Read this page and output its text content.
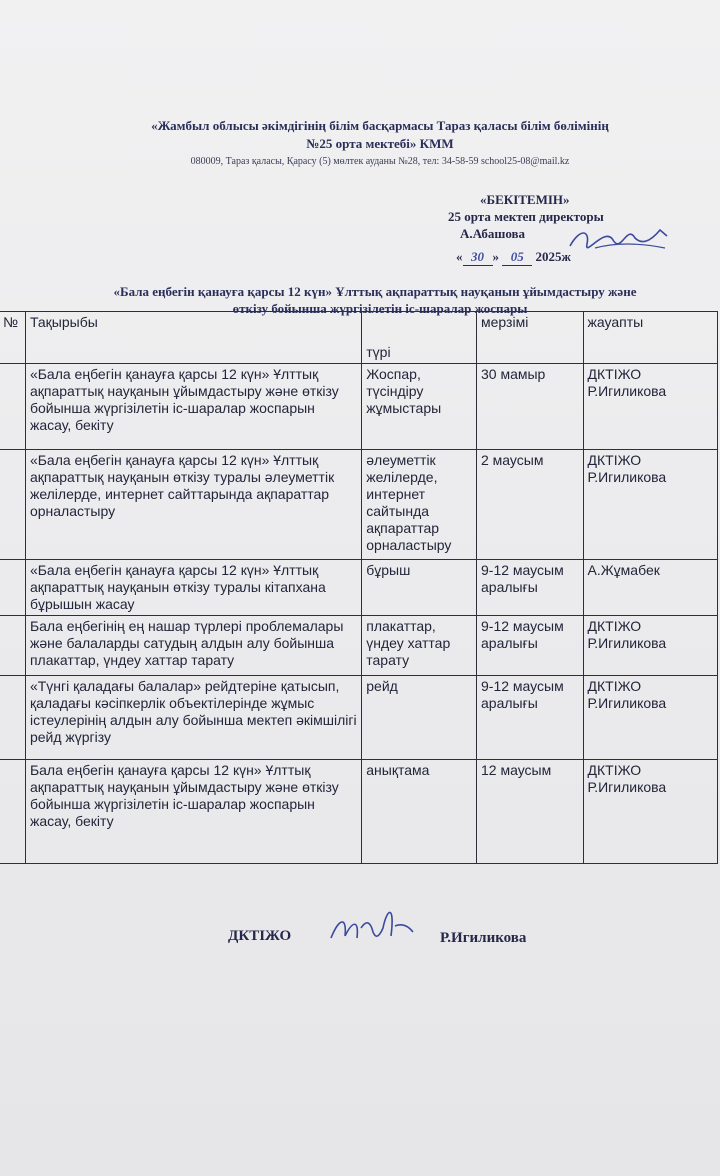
«Жамбыл облысы әкімдігінің білім басқармасы Тараз қаласы білім бөлімінің
№25 орта мектебі» КММ
080009, Тараз қаласы, Қарасу (5) мөлтек ауданы №28, тел: 34-58-59 school25-08@mail.kz
«БЕКІТЕМІН»
25 орта мектеп директоры
А.Абашова
« 30 » 05 2025ж
«Бала еңбегін қанауға қарсы 12 күн» Ұлттық ақпараттық науқанын ұйымдастыру және
өткізу бойынша жүргізілетін іс-шаралар жоспары
№	Тақырыбы	түрі	мерзімі	жауапты
	«Бала еңбегін қанауға қарсы 12 күн» Ұлттық ақпараттық науқанын ұйымдастыру және өткізу бойынша жүргізілетін іс-шаралар жоспарын жасау, бекіту	Жоспар, түсіндіру жұмыстары	30 мамыр	ДКТІЖО Р.Игиликова
	«Бала еңбегін қанауға қарсы 12 күн» Ұлттық ақпараттық науқанын өткізу туралы әлеуметтік желілерде, интернет сайттарында ақпараттар орналастыру	әлеуметтік желілерде, интернет сайтында ақпараттар орналастыру	2 маусым	ДКТІЖО Р.Игиликова
	«Бала еңбегін қанауға қарсы 12 күн» Ұлттық ақпараттық науқанын өткізу туралы кітапхана бұрышын жасау	бұрыш	9-12 маусым аралығы	А.Жұмабек
	Бала еңбегінің ең нашар түрлері проблемалары және балаларды сатудың алдын алу бойынша плакаттар, үндеу хаттар тарату	плакаттар, үндеу хаттар тарату	9-12 маусым аралығы	ДКТІЖО Р.Игиликова
	«Түнгі қаладағы балалар» рейдтеріне қатысып, қаладағы кәсіпкерлік объектілерінде жұмыс істеулерінің алдын алу бойынша мектеп әкімшілігі рейд жүргізу	рейд	9-12 маусым аралығы	ДКТІЖО Р.Игиликова
	Бала еңбегін қанауға қарсы 12 күн» Ұлттық ақпараттық науқанын ұйымдастыру және өткізу бойынша жүргізілетін іс-шаралар жоспарын жасау, бекіту	анықтама	12 маусым	ДКТІЖО Р.Игиликова
ДКТІЖО	Р.Игиликова
